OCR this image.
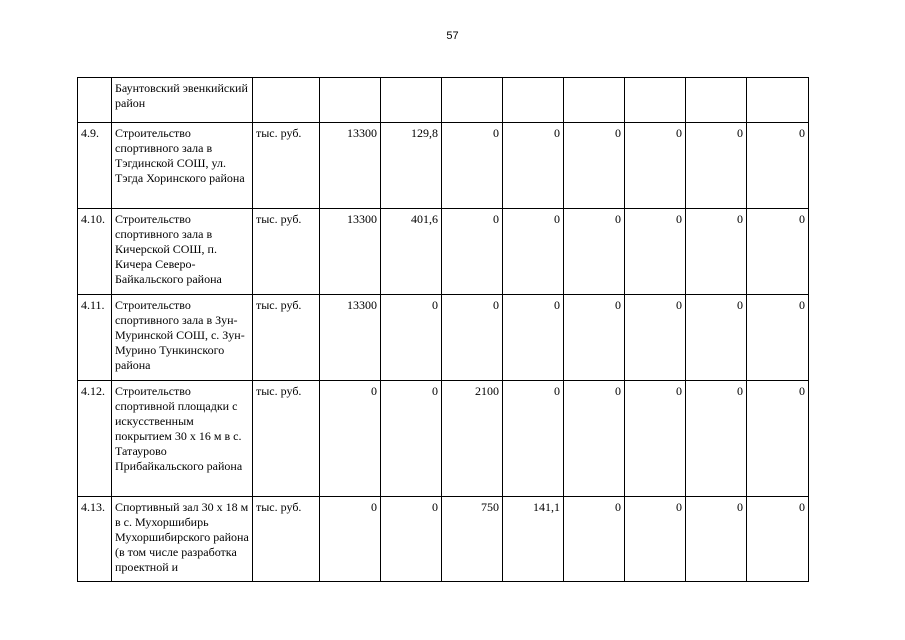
57
	Баунтовский эвенкийский район									
4.9.	Строительство спортивного зала в Тэгдинской СОШ, ул. Тэгда Хоринского района	тыс. руб.	13300	129,8	0	0	0	0	0	0
4.10.	Строительство спортивного зала в Кичерской СОШ, п. Кичера Северо-Байкальского района	тыс. руб.	13300	401,6	0	0	0	0	0	0
4.11.	Строительство спортивного зала в Зун-Муринской СОШ, с. Зун-Мурино Тункинского района	тыс. руб.	13300	0	0	0	0	0	0	0
4.12.	Строительство спортивной площадки с искусственным покрытием 30 х 16 м в с. Татаурово Прибайкальского района	тыс. руб.	0	0	2100	0	0	0	0	0
4.13.	Спортивный зал 30 х 18 м в с. Мухоршибирь Мухоршибирского района (в том числе разработка проектной и	тыс. руб.	0	0	750	141,1	0	0	0	0
